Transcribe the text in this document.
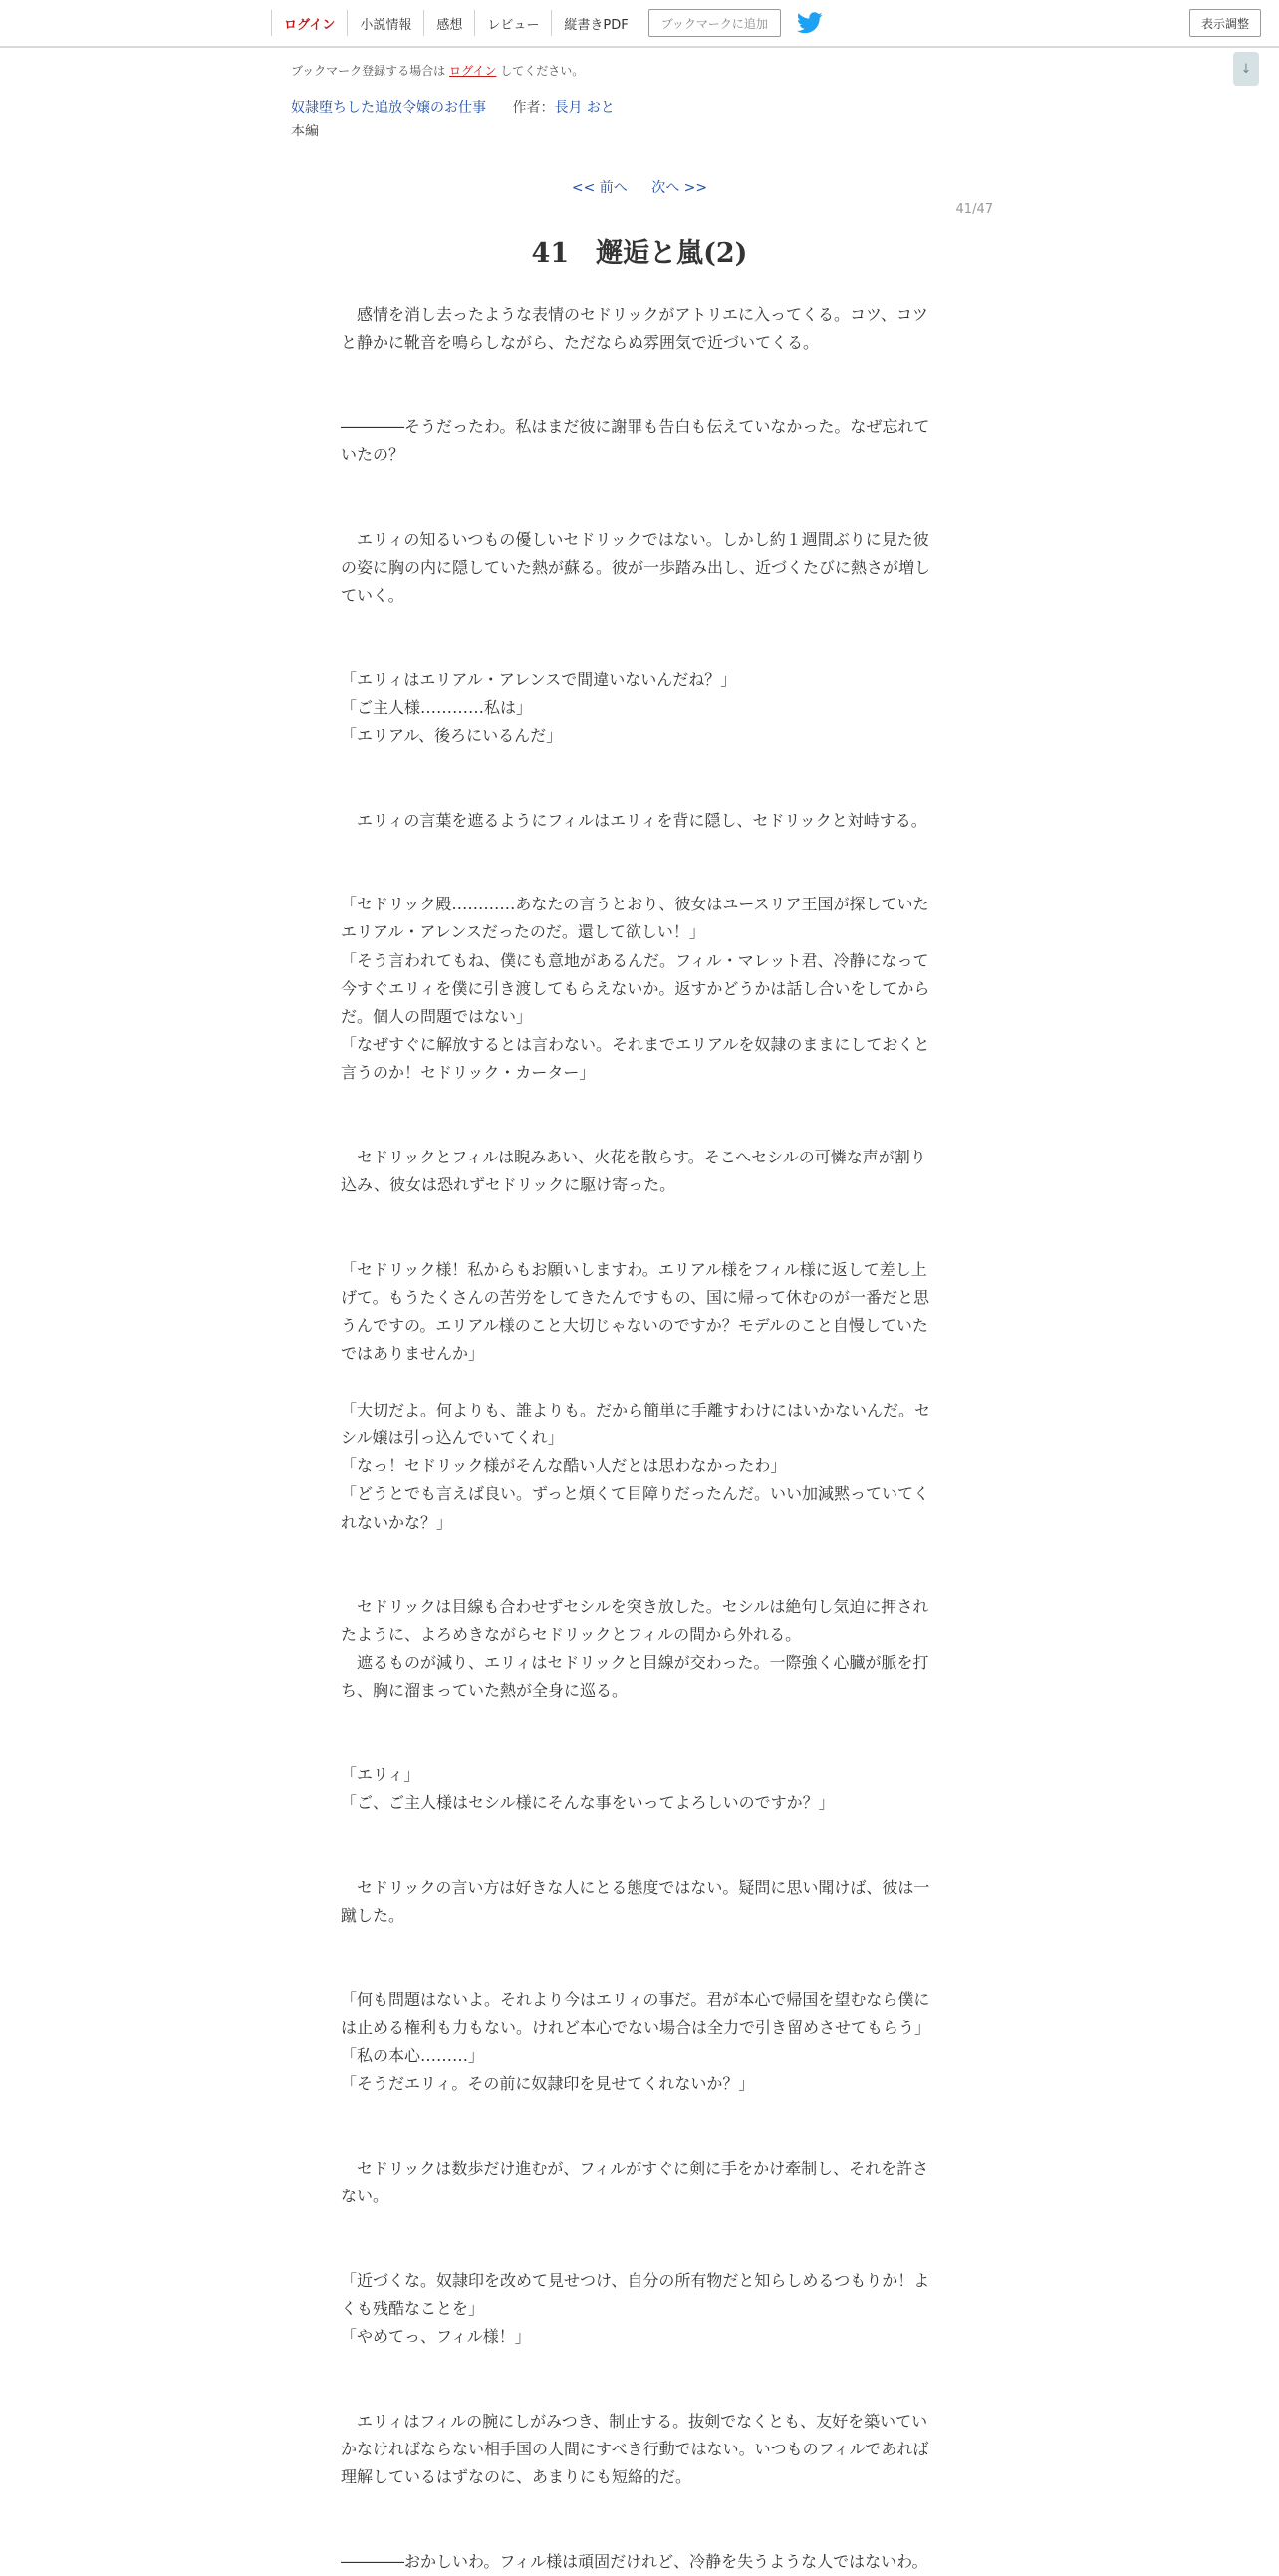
ログイン	小説情報	感想	レビュー	縦書きPDF	ブックマークに追加	表示調整
↓
ブックマーク登録する場合は ログイン してください。
奴隷堕ちした追放令嬢のお仕事 作者：長月 おと
本編
<< 前へ 次へ >>
41/47
41　邂逅と嵐(2)

　感情を消し去ったような表情のセドリックがアトリエに入ってくる。コツ、コツと静かに靴音を鳴らしながら、ただならぬ雰囲気で近づいてくる。

――――そうだったわ。私はまだ彼に謝罪も告白も伝えていなかった。なぜ忘れていたの？

　エリィの知るいつもの優しいセドリックではない。しかし約１週間ぶりに見た彼の姿に胸の内に隠していた熱が蘇る。彼が一歩踏み出し、近づくたびに熱さが増していく。

「エリィはエリアル・アレンスで間違いないんだね？」

「ご主人様…………私は」

「エリアル、後ろにいるんだ」

　エリィの言葉を遮るようにフィルはエリィを背に隠し、セドリックと対峙する。

「セドリック殿…………あなたの言うとおり、彼女はユースリア王国が探していたエリアル・アレンスだったのだ。還して欲しい！」

「そう言われてもね、僕にも意地があるんだ。フィル・マレット君、冷静になって今すぐエリィを僕に引き渡してもらえないか。返すかどうかは話し合いをしてからだ。個人の問題ではない」

「なぜすぐに解放するとは言わない。それまでエリアルを奴隷のままにしておくと言うのか！セドリック・カーター」

　セドリックとフィルは睨みあい、火花を散らす。そこへセシルの可憐な声が割り込み、彼女は恐れずセドリックに駆け寄った。

「セドリック様！私からもお願いしますわ。エリアル様をフィル様に返して差し上げて。もうたくさんの苦労をしてきたんですもの、国に帰って休むのが一番だと思うんですの。エリアル様のこと大切じゃないのですか？モデルのこと自慢していたではありませんか」

「大切だよ。何よりも、誰よりも。だから簡単に手離すわけにはいかないんだ。セシル嬢は引っ込んでいてくれ」

「なっ！セドリック様がそんな酷い人だとは思わなかったわ」

「どうとでも言えば良い。ずっと煩くて目障りだったんだ。いい加減黙っていてくれないかな？」

　セドリックは目線も合わせずセシルを突き放した。セシルは絶句し気迫に押されたように、よろめきながらセドリックとフィルの間から外れる。

　遮るものが減り、エリィはセドリックと目線が交わった。一際強く心臓が脈を打ち、胸に溜まっていた熱が全身に巡る。

「エリィ」

「ご、ご主人様はセシル様にそんな事をいってよろしいのですか？」

　セドリックの言い方は好きな人にとる態度ではない。疑問に思い聞けば、彼は一蹴した。

「何も問題はないよ。それより今はエリィの事だ。君が本心で帰国を望むなら僕には止める権利も力もない。けれど本心でない場合は全力で引き留めさせてもらう」

「私の本心………」

「そうだエリィ。その前に奴隷印を見せてくれないか？」

　セドリックは数歩だけ進むが、フィルがすぐに剣に手をかけ牽制し、それを許さない。

「近づくな。奴隷印を改めて見せつけ、自分の所有物だと知らしめるつもりか！よくも残酷なことを」

「やめてっ、フィル様！」

　エリィはフィルの腕にしがみつき、制止する。抜剣でなくとも、友好を築いていかなければならない相手国の人間にすべき行動ではない。いつものフィルであれば理解しているはずなのに、あまりにも短絡的だ。

――――おかしいわ。フィル様は頑固だけれど、冷静を失うような人ではないわ。
